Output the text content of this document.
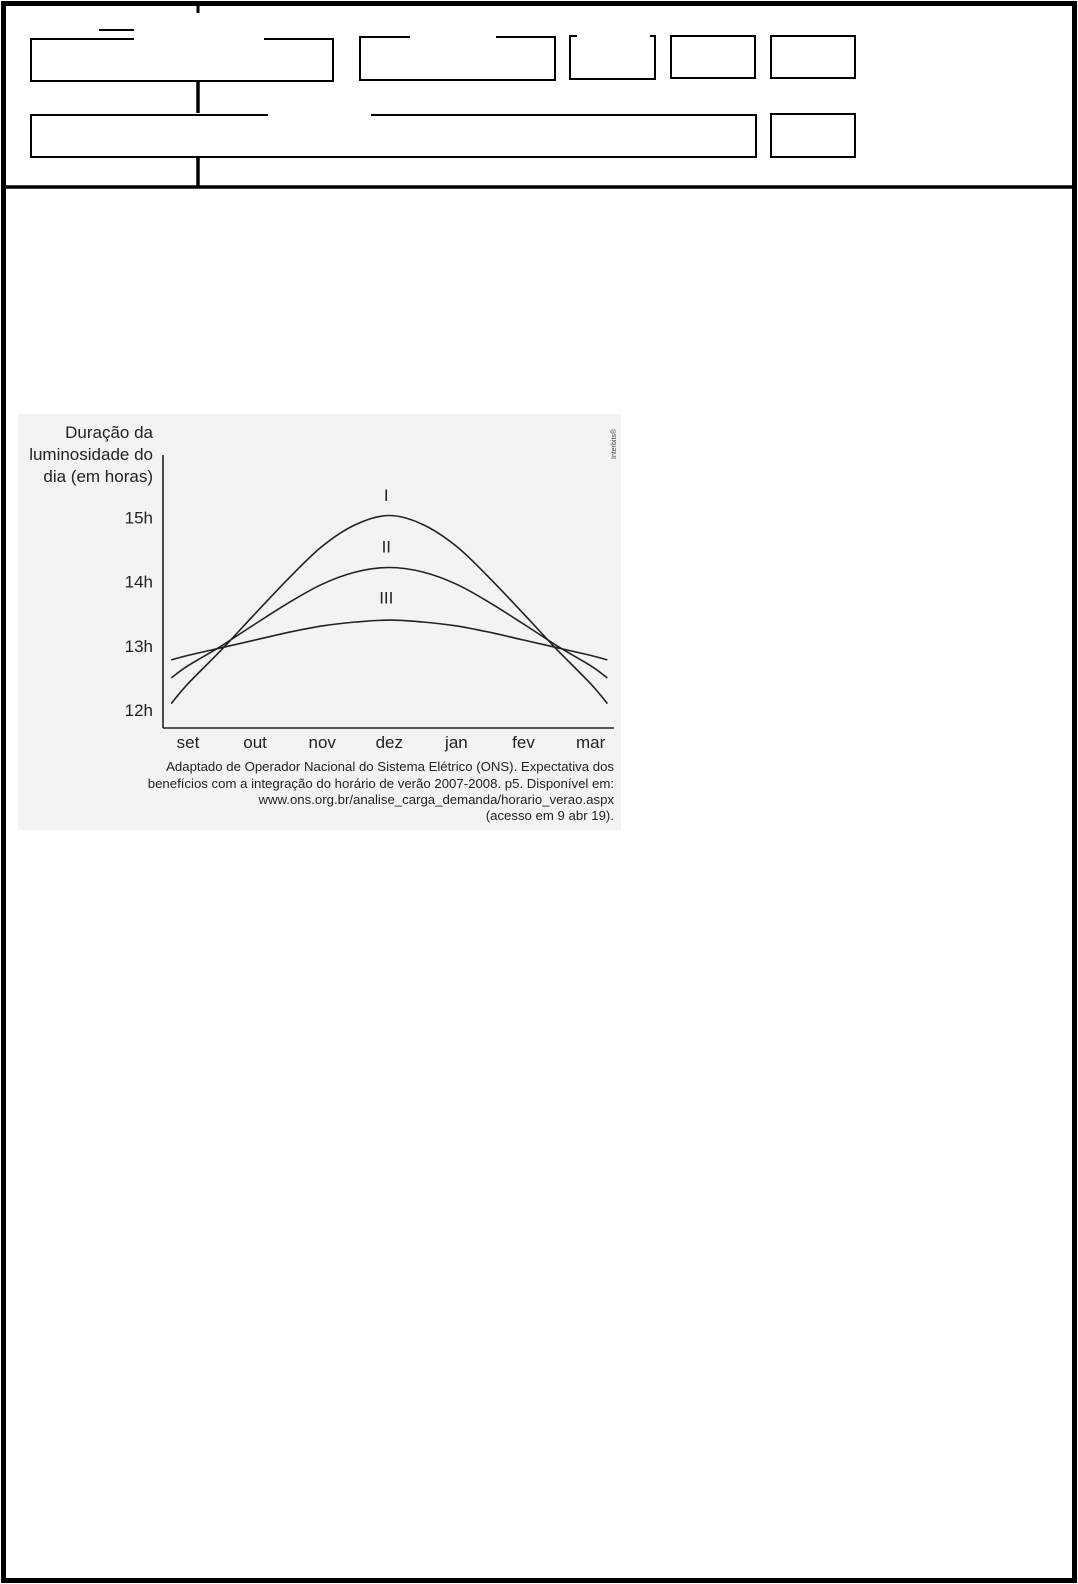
Duração da
luminosidade do
dia (em horas)
12h
13h
14h
15h
set	out nov dez jan	fev mar
I
II
III
Adaptado de Operador Nacional do Sistema Elétrico (ONS). Expectativa dos
benefícios com a integração do horário de verão 2007-2008. p5. Disponível em:
www.ons.org.br/analise_carga_demanda/horario_verao.aspx
(acesso em 9 abr 19).
Interbits®
